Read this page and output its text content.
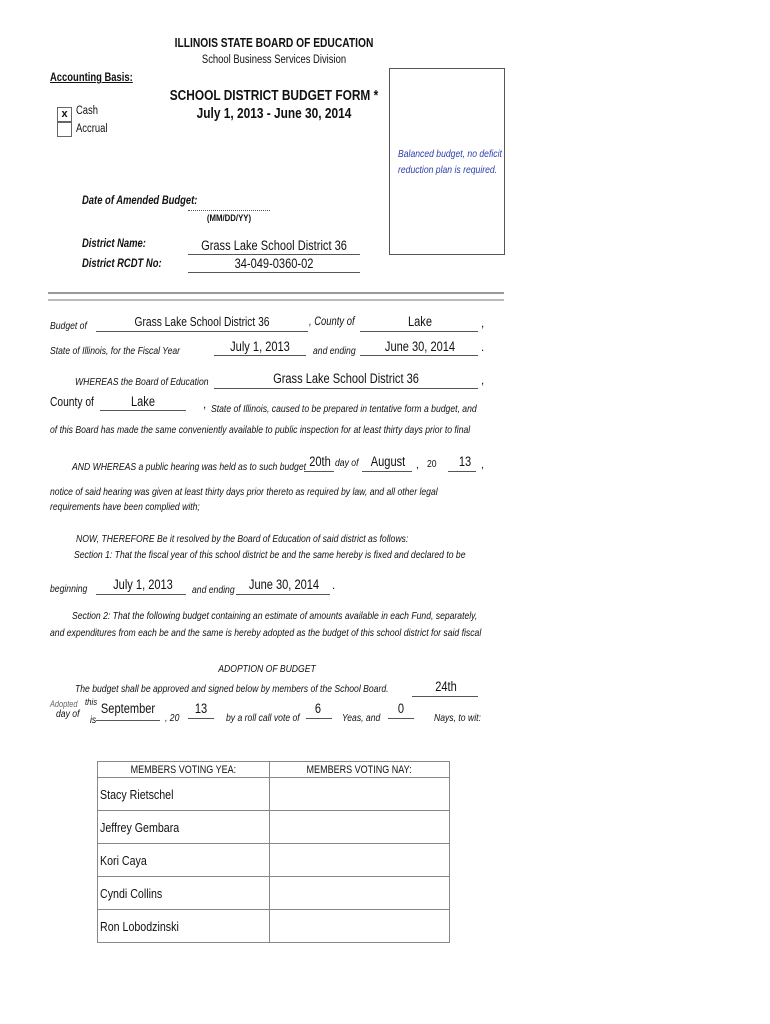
ILLINOIS STATE BOARD OF EDUCATION
School Business Services Division
SCHOOL DISTRICT BUDGET FORM *
July 1, 2013 - June 30, 2014
Accounting Basis:
x Cash
Accrual
Balanced budget, no deficit
reduction plan is required.
Date of Amended Budget:
(MM/DD/YY)
District Name:	Grass Lake School District 36
District RCDT No:	34-049-0360-02
Budget of	Grass Lake School District 36	, County of	Lake	,
State of Illinois, for the Fiscal Year	July 1, 2013 and ending June 30, 2014 .
WHEREAS the Board of Education	Grass Lake School District 36	,
County of	Lake	, State of Illinois, caused to be prepared in tentative form a budget, and
of this Board has made the same conveniently available to public inspection for at least thirty days prior to final
AND WHEREAS a public hearing was held as to such budget 20th day of August , 20 13 ,
notice of said hearing was given at least thirty days prior thereto as required by law, and all other legal
requirements have been complied with;
NOW, THEREFORE Be it resolved by the Board of Education of said district as follows:
Section 1: That the fiscal year of this school district be and the same hereby is fixed and declared to be
beginning July 1, 2013 and ending June 30, 2014 .
Section 2: That the following budget containing an estimate of amounts available in each Fund, separately,
and expenditures from each be and the same is hereby adopted as the budget of this school district for said fiscal
ADOPTION OF BUDGET
The budget shall be approved and signed below by members of the School Board.	24th
Adopted this
day of is
September
, 20
13
by a roll call vote of
6
Yeas, and
0
Nays, to wit:
MEMBERS VOTING YEA:	MEMBERS VOTING NAY:
Stacy Rietschel	
Jeffrey Gembara	
Kori Caya	
Cyndi Collins	
Ron Lobodzinski	
